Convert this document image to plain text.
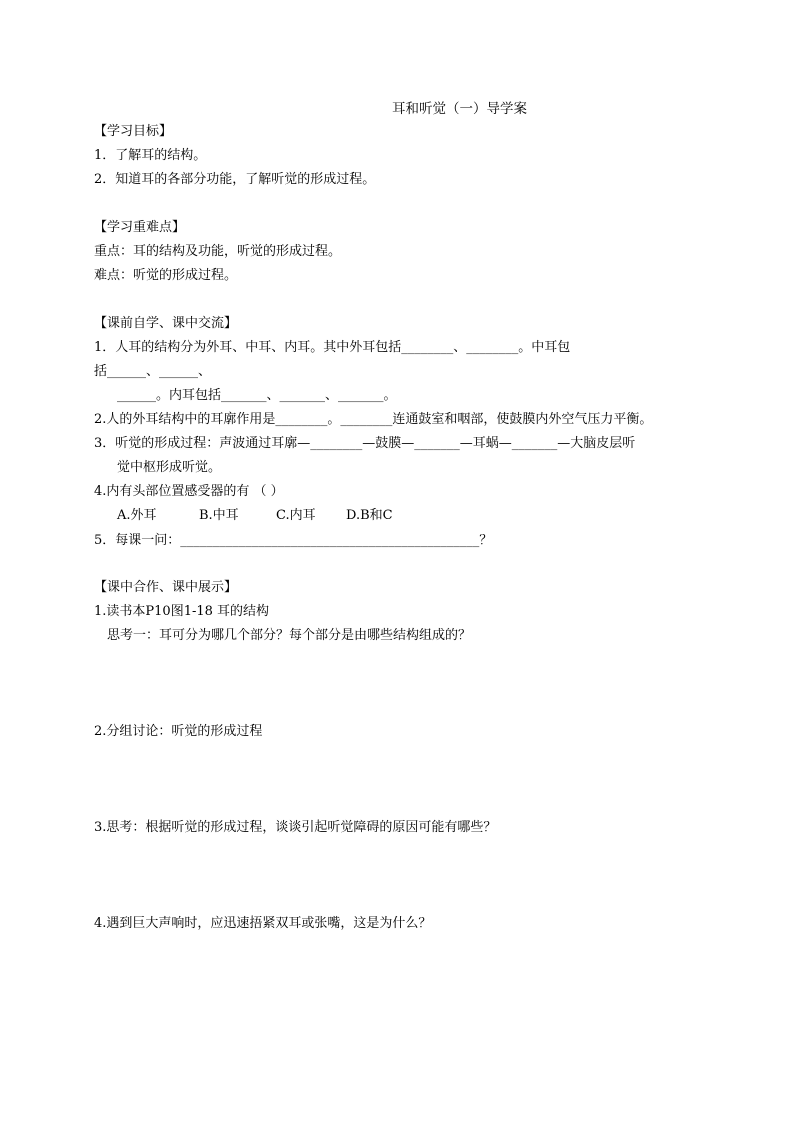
耳和听觉（一）导学案
【学习目标】
1．了解耳的结构。
2．知道耳的各部分功能，了解听觉的形成过程。
【学习重难点】
重点：耳的结构及功能，听觉的形成过程。
难点：听觉的形成过程。
【课前自学、课中交流】
1．人耳的结构分为外耳、中耳、内耳。其中外耳包括________、________。中耳包
括______、______、
______。内耳包括_______、_______、_______。
2.人的外耳结构中的耳廓作用是________。________连通鼓室和咽部，使鼓膜内外空气压力平衡。
3．听觉的形成过程：声波通过耳廓—________—鼓膜—_______—耳蜗—_______—大脑皮层听
觉中枢形成听觉。
4.内有头部位置感受器的有 （ ）
A.外耳	B.中耳	C.内耳 D.B和C
5．每课一问：______________________________________________？
【课中合作、课中展示】
1.读书本P10图1-18 耳的结构
思考一：耳可分为哪几个部分？每个部分是由哪些结构组成的？
2.分组讨论：听觉的形成过程
3.思考：根据听觉的形成过程，谈谈引起听觉障碍的原因可能有哪些？
4.遇到巨大声响时，应迅速捂紧双耳或张嘴，这是为什么？
